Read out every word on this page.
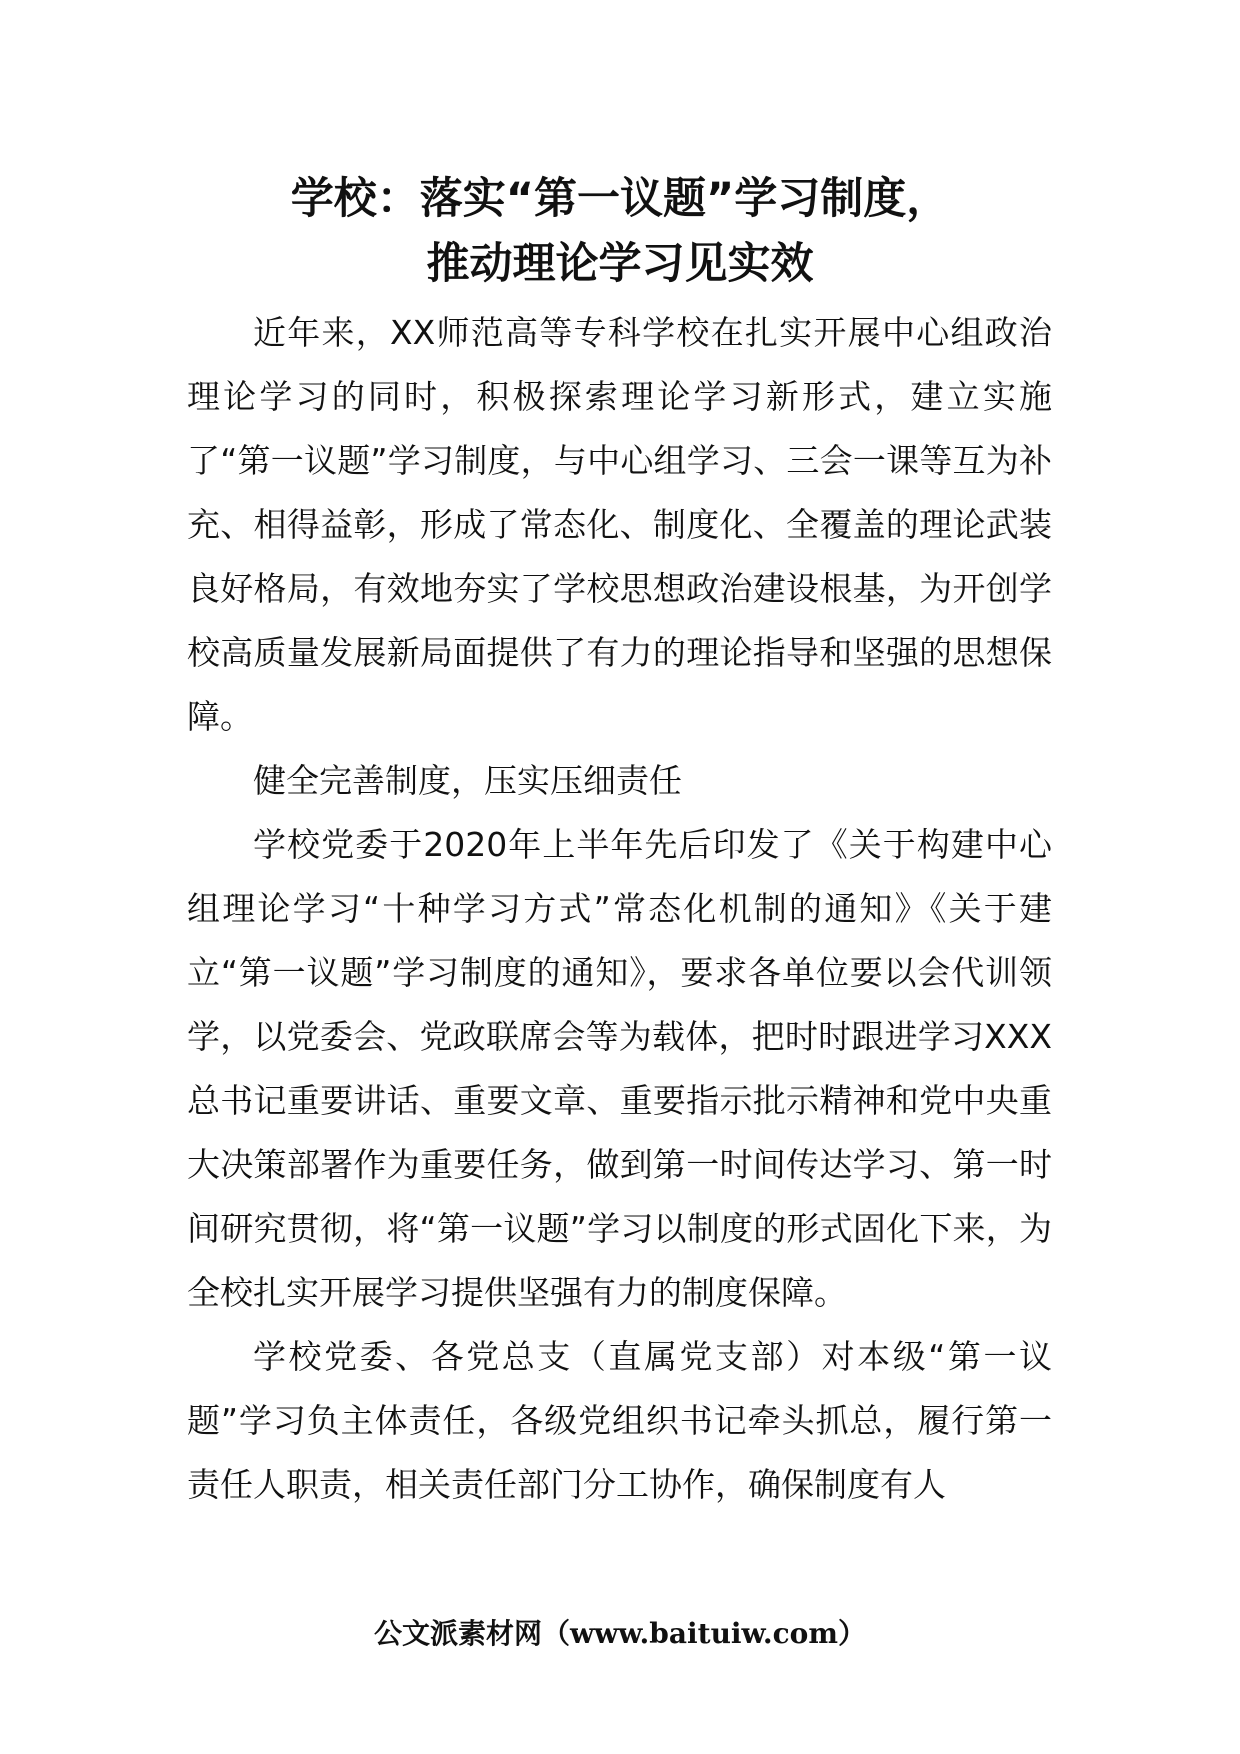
学校：落实“第一议题”学习制度，
推动理论学习见实效

近年来，XX师范高等专科学校在扎实开展中心组政治理论学习的同时，积极探索理论学习新形式，建立实施了“第一议题”学习制度，与中心组学习、三会一课等互为补充、相得益彰，形成了常态化、制度化、全覆盖的理论武装良好格局，有效地夯实了学校思想政治建设根基，为开创学校高质量发展新局面提供了有力的理论指导和坚强的思想保障。

健全完善制度，压实压细责任

学校党委于2020年上半年先后印发了《关于构建中心组理论学习“十种学习方式”常态化机制的通知》《关于建立“第一议题”学习制度的通知》，要求各单位要以会代训领学，以党委会、党政联席会等为载体，把时时跟进学习XXX总书记重要讲话、重要文章、重要指示批示精神和党中央重大决策部署作为重要任务，做到第一时间传达学习、第一时间研究贯彻，将“第一议题”学习以制度的形式固化下来，为全校扎实开展学习提供坚强有力的制度保障。

学校党委、各党总支（直属党支部）对本级“第一议题”学习负主体责任，各级党组织书记牵头抓总，履行第一责任人职责，相关责任部门分工协作，确保制度有人

公文派素材网（www.baituiw.com）
